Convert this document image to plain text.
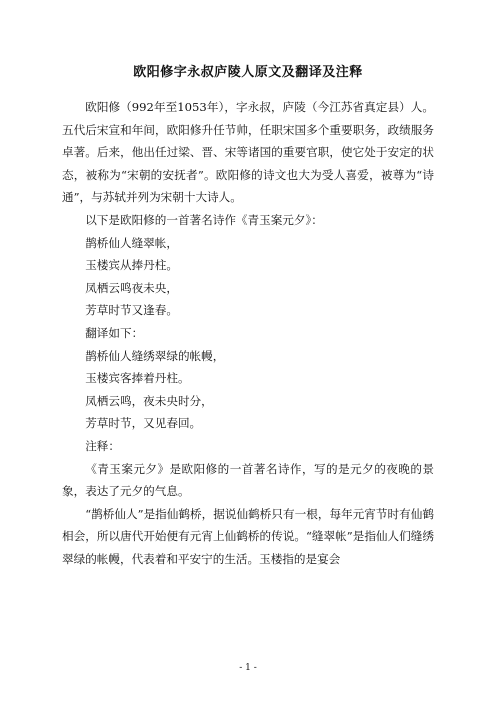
欧阳修字永叔庐陵人原文及翻译及注释

欧阳修（992年至1053年），字永叔，庐陵（今江苏省真定县）人。五代后宋宣和年间，欧阳修升任节帅，任职宋国多个重要职务，政绩服务卓著。后来，他出任过梁、晋、宋等诸国的重要官职，使它处于安定的状态，被称为“宋朝的安抚者”。欧阳修的诗文也大为受人喜爱，被尊为“诗通”，与苏轼并列为宋朝十大诗人。

以下是欧阳修的一首著名诗作《青玉案元夕》：

鹊桥仙人缝翠帐，

玉楼宾从捧丹柱。

凤栖云鸣夜未央，

芳草时节又逢春。

翻译如下：

鹊桥仙人缝绣翠绿的帐幔，

玉楼宾客捧着丹柱。

凤栖云鸣，夜未央时分，

芳草时节，又见春回。

注释：

《青玉案元夕》是欧阳修的一首著名诗作，写的是元夕的夜晚的景象，表达了元夕的气息。

“鹊桥仙人”是指仙鹤桥，据说仙鹤桥只有一根，每年元宵节时有仙鹤相会，所以唐代开始便有元宵上仙鹤桥的传说。“缝翠帐”是指仙人们缝绣翠绿的帐幔，代表着和平安宁的生活。玉楼指的是宴会

- 1 -
